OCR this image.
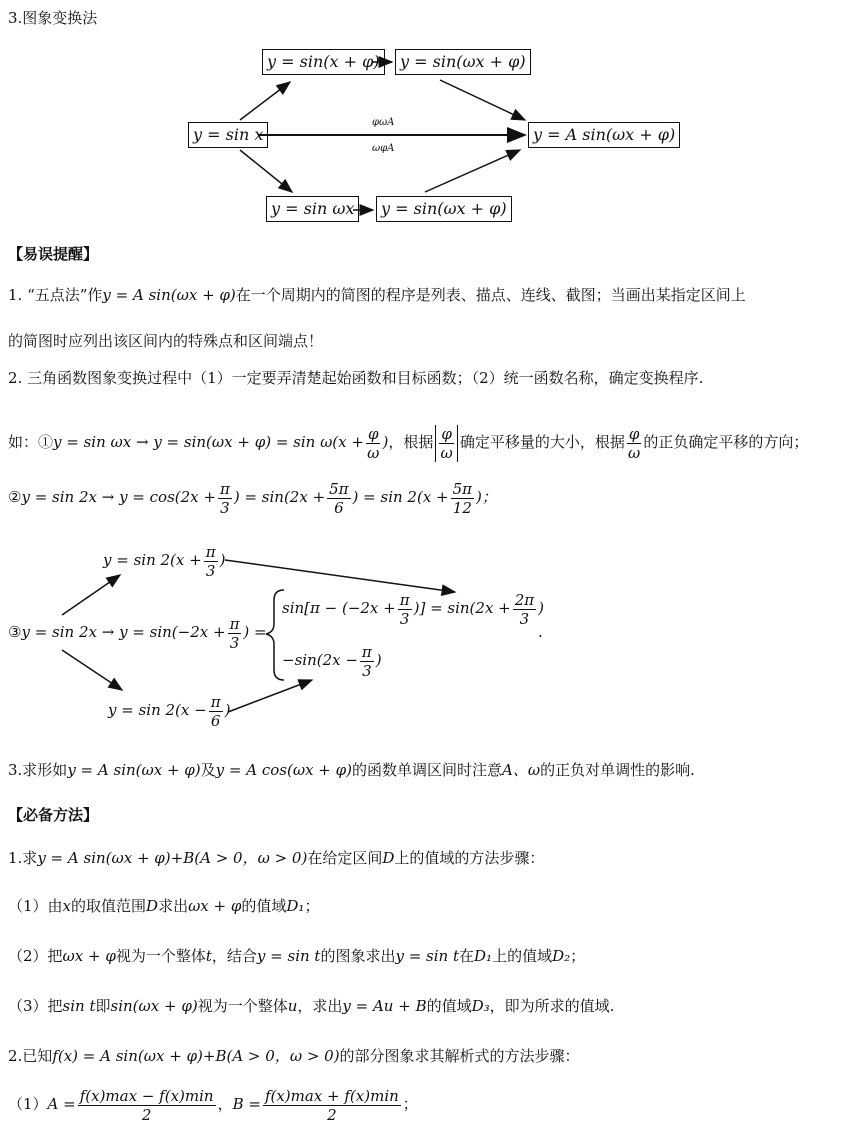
3.图象变换法
y = sin(x + φ)	y = sin(ωx + φ)
y = sin x	y = A sin(ωx + φ)
y = sin ωx	y = sin(ωx + φ)
φωA
ωφA
【易误提醒】
1. “五点法”作y = A sin(ωx + φ)在一个周期内的简图的程序是列表、描点、连线、截图；当画出某指定区间上
的简图时应列出该区间内的特殊点和区间端点！
2. 三角函数图象变换过程中（1）一定要弄清楚起始函数和目标函数；（2）统一函数名称，确定变换程序.
如：①y = $\sin \omega x \to y = \sin(\omega x + \varphi) = \sin \omega(x + \frac{\varphi}{\omega}$ )，根据 $\frac{\varphi}{\omega}$ 确定平移量的大小，根据 $\frac{\varphi}{\omega}$ 的正负确定平移的方向；
②y = $\sin 2x \to y = \cos(2x + \frac{\pi}{3}$ ) = $\sin(2x + \frac{5\pi}{6}$ ) = $\sin 2(x + \frac{5\pi}{12}$ )；
$y = \sin 2(x + \frac{\pi}{3}$ )
③y = $\sin 2x \to y = \sin(-2x + \frac{\pi}{3}$ ) =
$\sin[\pi - (-2x + \frac{\pi}{3}$ )] = $\sin(2x + \frac{2\pi}{3}$ )
.
$-\sin(2x - \frac{\pi}{3}$ )
$y = \sin 2(x - \frac{\pi}{6}$ )
3.求形如y = A sin(ωx + φ)及y = A cos(ωx + φ)的函数单调区间时注意A、ω的正负对单调性的影响.
【必备方法】
1.求y = A sin(ωx + φ)+B(A > 0，ω > 0)在给定区间D上的值域的方法步骤：
（1）由x的取值范围D求出ωx + φ的值域D₁；
（2）把ωx + φ视为一个整体t，结合y = sin t的图象求出y = sin t在D₁上的值域D₂；
（3）把sin t即sin(ωx + φ)视为一个整体u，求出y = Au + B的值域D₃，即为所求的值域.
2.已知f(x) = A sin(ωx + φ)+B(A > 0，ω > 0)的部分图象求其解析式的方法步骤：
$(1)A = \frac{f(x)\max - f(x)\min}{2}$ ，$B = \frac{f(x)\max + f(x)\min}{2}$ ；
